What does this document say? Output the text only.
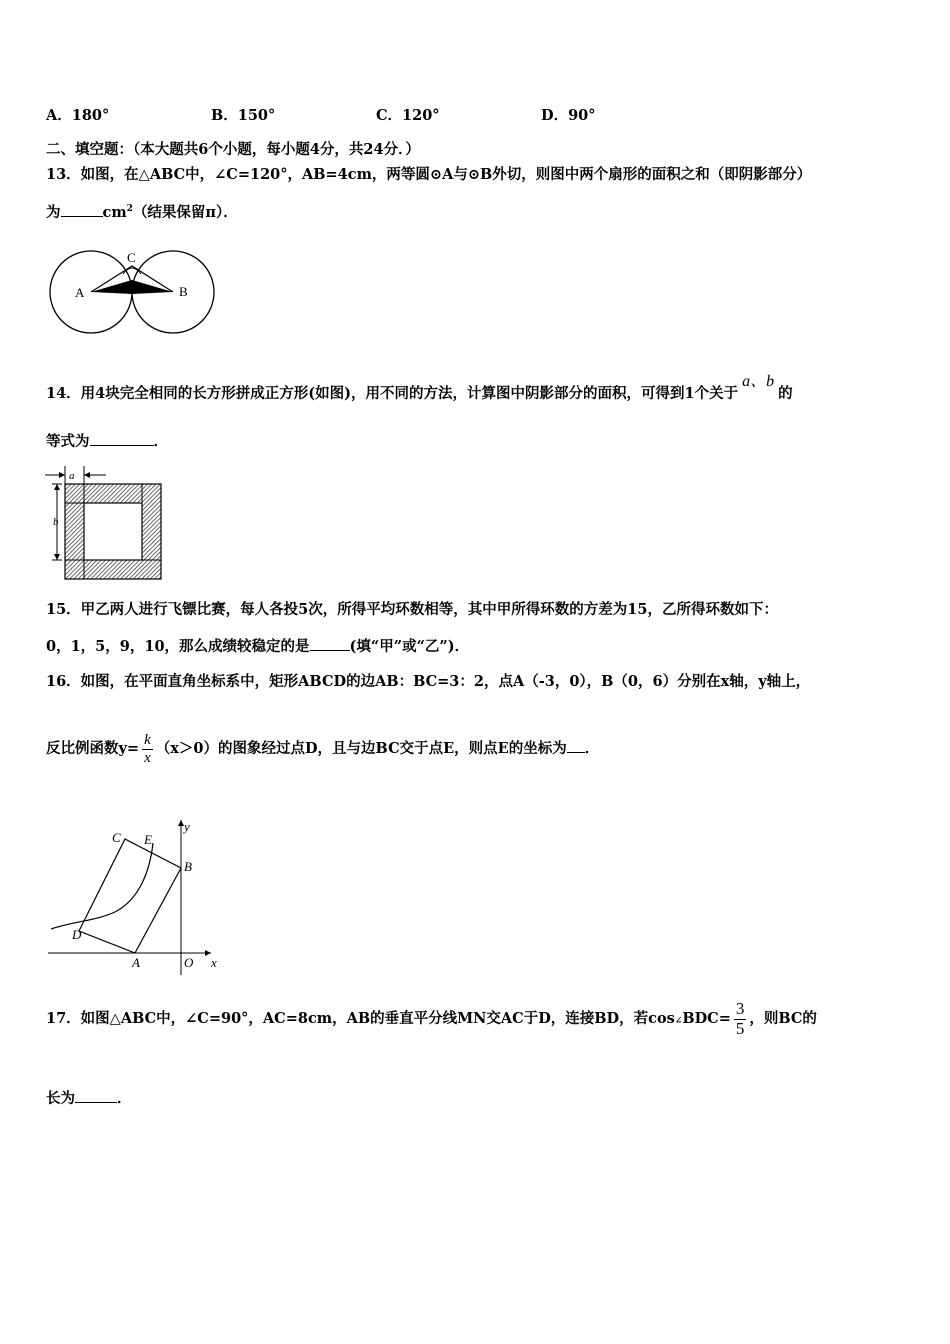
A．180°	B．150°	C．120°	D．90°
二、填空题：（本大题共6个小题，每小题4分，共24分．）
13．如图，在△ABC中，∠C=120°，AB=4cm，两等圆⊙A与⊙B外切，则图中两个扇形的面积之和（即阴影部分）
为	$cm^2$（结果保留π）．
C
A	B
14．用4块完全相同的长方形拼成正方形(如图)，用不同的方法，计算图中阴影部分的面积，可得到1个关于a、b的
等式为	．
a
b
15．甲乙两人进行飞镖比赛，每人各投5次，所得平均环数相等，其中甲所得环数的方差为15，乙所得环数如下：
0，1，5，9，10，那么成绩较稳定的是	(填“甲”或“乙”)．
16．如图，在平面直角坐标系中，矩形ABCD的边AB：BC=3：2，点A（-3，0），B（0，6）分别在x轴，y轴上，
反比例函数$y= \frac{k}{x} (x>0)$的图象经过点D，且与边BC交于点E，则点E的坐标为 ．
C E
B
D
A	O x
y
17．如图△ABC中，∠C=90°，AC=8cm，AB的垂直平分线MN交AC于D，连接BD，若cos∠BDC= $\frac{3}{5}$ ，则BC的
长为	．
